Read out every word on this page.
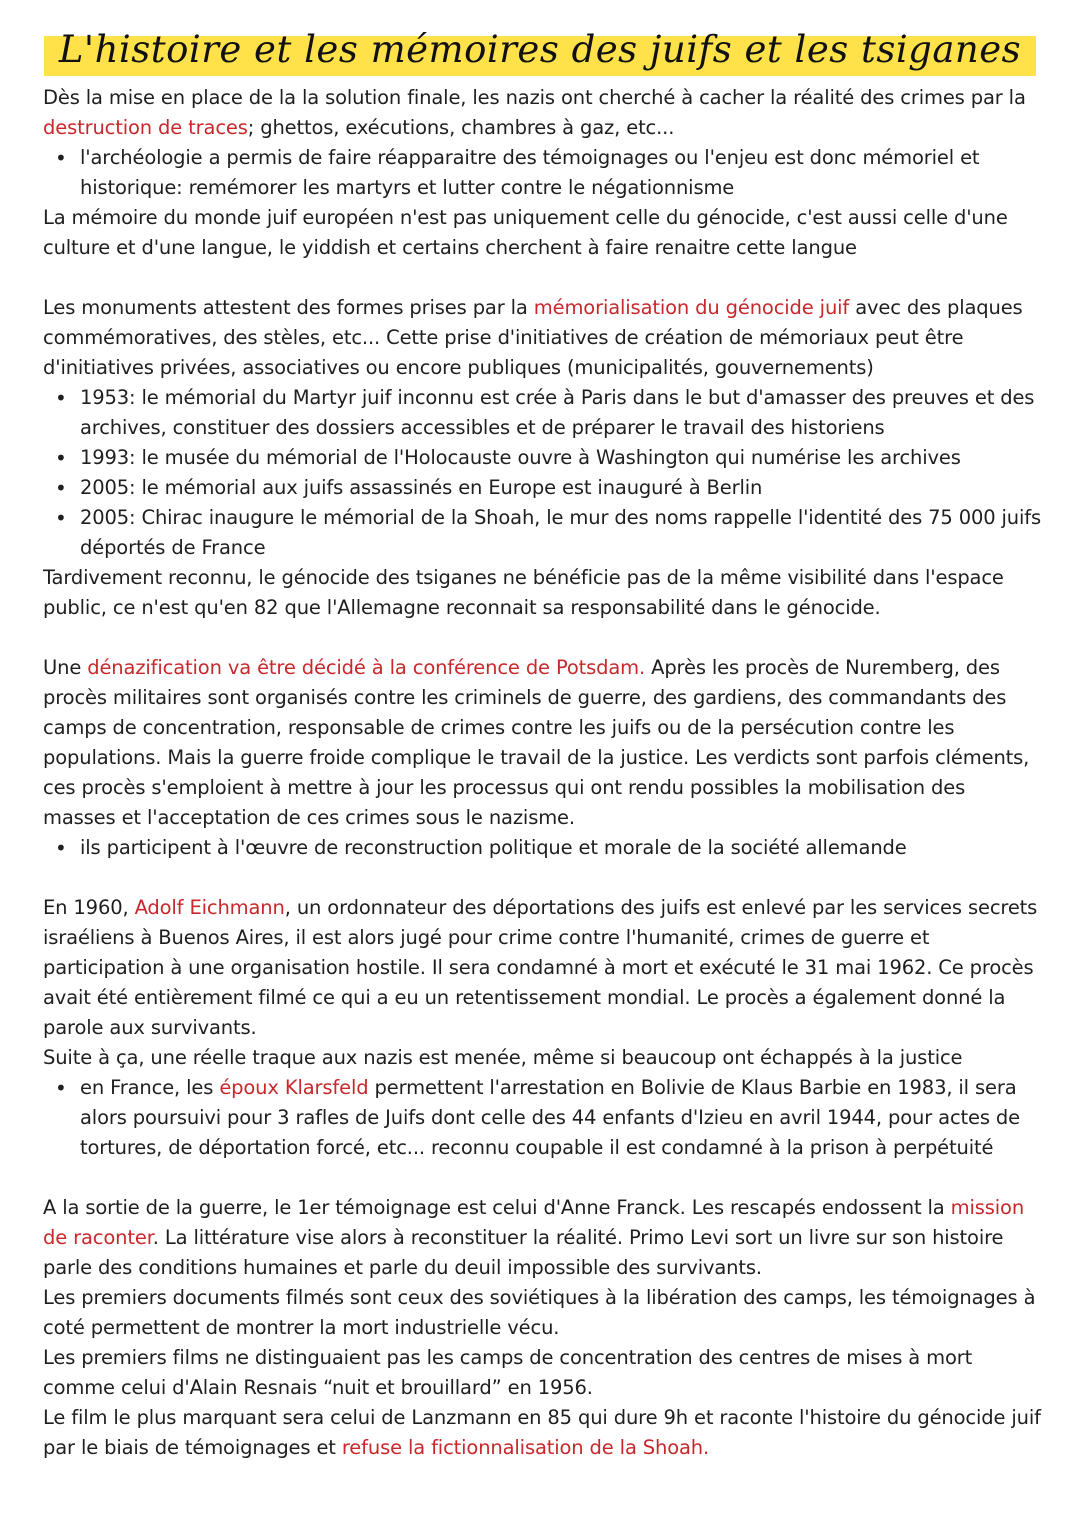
L'histoire et les mémoires des juifs et les tsiganes

Dès la mise en place de la la solution finale, les nazis ont cherché à cacher la réalité des crimes par la destruction de traces; ghettos, exécutions, chambres à gaz, etc...

• l'archéologie a permis de faire réapparaitre des témoignages ou l'enjeu est donc mémoriel et historique: remémorer les martyrs et lutter contre le négationnisme

La mémoire du monde juif européen n'est pas uniquement celle du génocide, c'est aussi celle d'une culture et d'une langue, le yiddish et certains cherchent à faire renaitre cette langue

Les monuments attestent des formes prises par la mémorialisation du génocide juif avec des plaques commémoratives, des stèles, etc... Cette prise d'initiatives de création de mémoriaux peut être d'initiatives privées, associatives ou encore publiques (municipalités, gouvernements)

• 1953: le mémorial du Martyr juif inconnu est crée à Paris dans le but d'amasser des preuves et des archives, constituer des dossiers accessibles et de préparer le travail des historiens
• 1993: le musée du mémorial de l'Holocauste ouvre à Washington qui numérise les archives
• 2005: le mémorial aux juifs assassinés en Europe est inauguré à Berlin
• 2005: Chirac inaugure le mémorial de la Shoah, le mur des noms rappelle l'identité des 75 000 juifs déportés de France

Tardivement reconnu, le génocide des tsiganes ne bénéficie pas de la même visibilité dans l'espace public, ce n'est qu'en 82 que l'Allemagne reconnait sa responsabilité dans le génocide.

Une dénazification va être décidé à la conférence de Potsdam. Après les procès de Nuremberg, des procès militaires sont organisés contre les criminels de guerre, des gardiens, des commandants des camps de concentration, responsable de crimes contre les juifs ou de la persécution contre les populations. Mais la guerre froide complique le travail de la justice. Les verdicts sont parfois cléments, ces procès s'emploient à mettre à jour les processus qui ont rendu possibles la mobilisation des masses et l'acceptation de ces crimes sous le nazisme.

• ils participent à l'œuvre de reconstruction politique et morale de la société allemande

En 1960, Adolf Eichmann, un ordonnateur des déportations des juifs est enlevé par les services secrets israéliens à Buenos Aires, il est alors jugé pour crime contre l'humanité, crimes de guerre et participation à une organisation hostile. Il sera condamné à mort et exécuté le 31 mai 1962. Ce procès avait été entièrement filmé ce qui a eu un retentissement mondial. Le procès a également donné la parole aux survivants.

Suite à ça, une réelle traque aux nazis est menée, même si beaucoup ont échappés à la justice

• en France, les époux Klarsfeld permettent l'arrestation en Bolivie de Klaus Barbie en 1983, il sera alors poursuivi pour 3 rafles de Juifs dont celle des 44 enfants d'Izieu en avril 1944, pour actes de tortures, de déportation forcé, etc... reconnu coupable il est condamné à la prison à perpétuité

A la sortie de la guerre, le 1er témoignage est celui d'Anne Franck. Les rescapés endossent la mission de raconter. La littérature vise alors à reconstituer la réalité. Primo Levi sort un livre sur son histoire parle des conditions humaines et parle du deuil impossible des survivants.

Les premiers documents filmés sont ceux des soviétiques à la libération des camps, les témoignages à coté permettent de montrer la mort industrielle vécu.

Les premiers films ne distinguaient pas les camps de concentration des centres de mises à mort comme celui d'Alain Resnais “nuit et brouillard” en 1956.

Le film le plus marquant sera celui de Lanzmann en 85 qui dure 9h et raconte l'histoire du génocide juif par le biais de témoignages et refuse la fictionnalisation de la Shoah.
